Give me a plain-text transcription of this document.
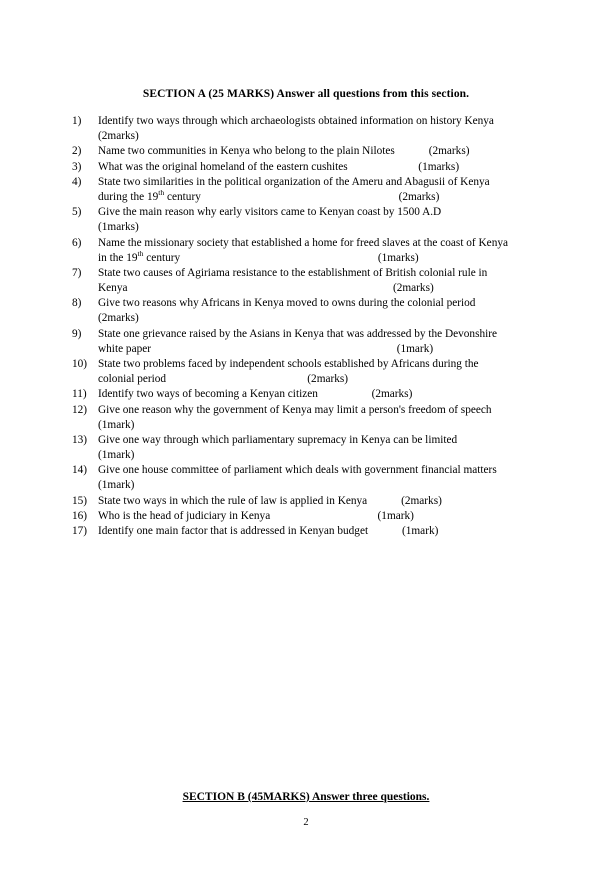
SECTION A (25 MARKS) Answer all questions from this section.
1)	Identify two ways through which archaeologists obtained information on history Kenya
(2marks)
2)	Name two communities in Kenya who belong to the plain Nilotes            (2marks)
3)	What was the original homeland of the eastern cushites                         (1marks)
4)	State two similarities in the political organization of the Ameru and Abagusii of Kenya
during the 19th century                                                                      (2marks)
5)	Give the main reason why early visitors came to Kenyan coast by 1500 A.D
(1marks)
6)	Name the missionary society that established a home for freed slaves at the coast of Kenya
in the 19th century                                                                      (1marks)
7)	State two causes of Agiriama resistance to the establishment of British colonial rule in
Kenya                                                                                              (2marks)
8)	Give two reasons why Africans in Kenya moved to owns during the colonial period
(2marks)
9)	State one grievance raised by the Asians in Kenya that was addressed by the Devonshire
white paper                                                                                       (1mark)
10) State two problems faced by independent schools established by Africans during the
colonial period                                                  (2marks)
11)	Identify two ways of becoming a Kenyan citizen                   (2marks)
12) Give one reason why the government of Kenya may limit a person's freedom of speech
(1mark)
13) Give one way through which parliamentary supremacy in Kenya can be limited
(1mark)
14) Give one house committee of parliament which deals with government financial matters
(1mark)
15) State two ways in which the rule of law is applied in Kenya            (2marks)
16) Who is the head of judiciary in Kenya                                      (1mark)
17) Identify one main factor that is addressed in Kenyan budget            (1mark)
SECTION B (45MARKS) Answer three questions.
2
